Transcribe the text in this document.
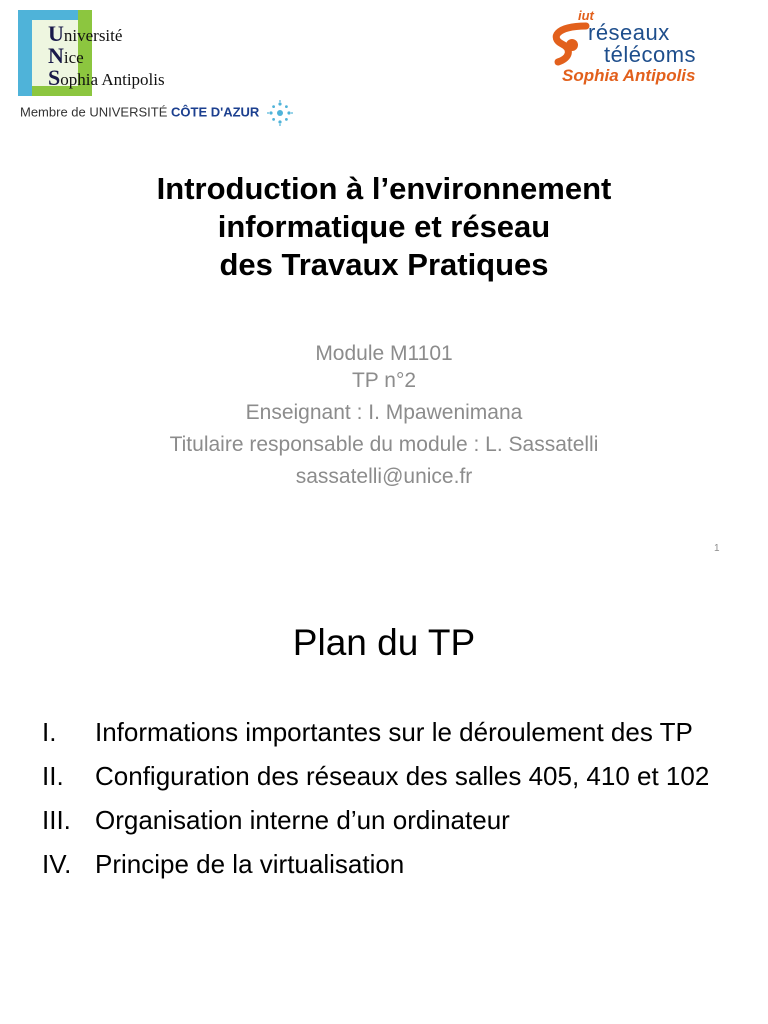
Université
Nice
Sophia Antipolis
Membre de UNIVERSITÉ CÔTE D'AZUR
iut
réseaux
télécoms
Sophia Antipolis
Introduction à l’environnement
informatique et réseau
des Travaux Pratiques
Module M1101
TP n°2
Enseignant : I. Mpawenimana
Titulaire responsable du module : L. Sassatelli
sassatelli@unice.fr
1
Plan du TP
I.	Informations importantes sur le déroulement des TP
II.	Configuration des réseaux des salles 405, 410 et 102
III. Organisation interne d’un ordinateur
IV. Principe de la virtualisation
